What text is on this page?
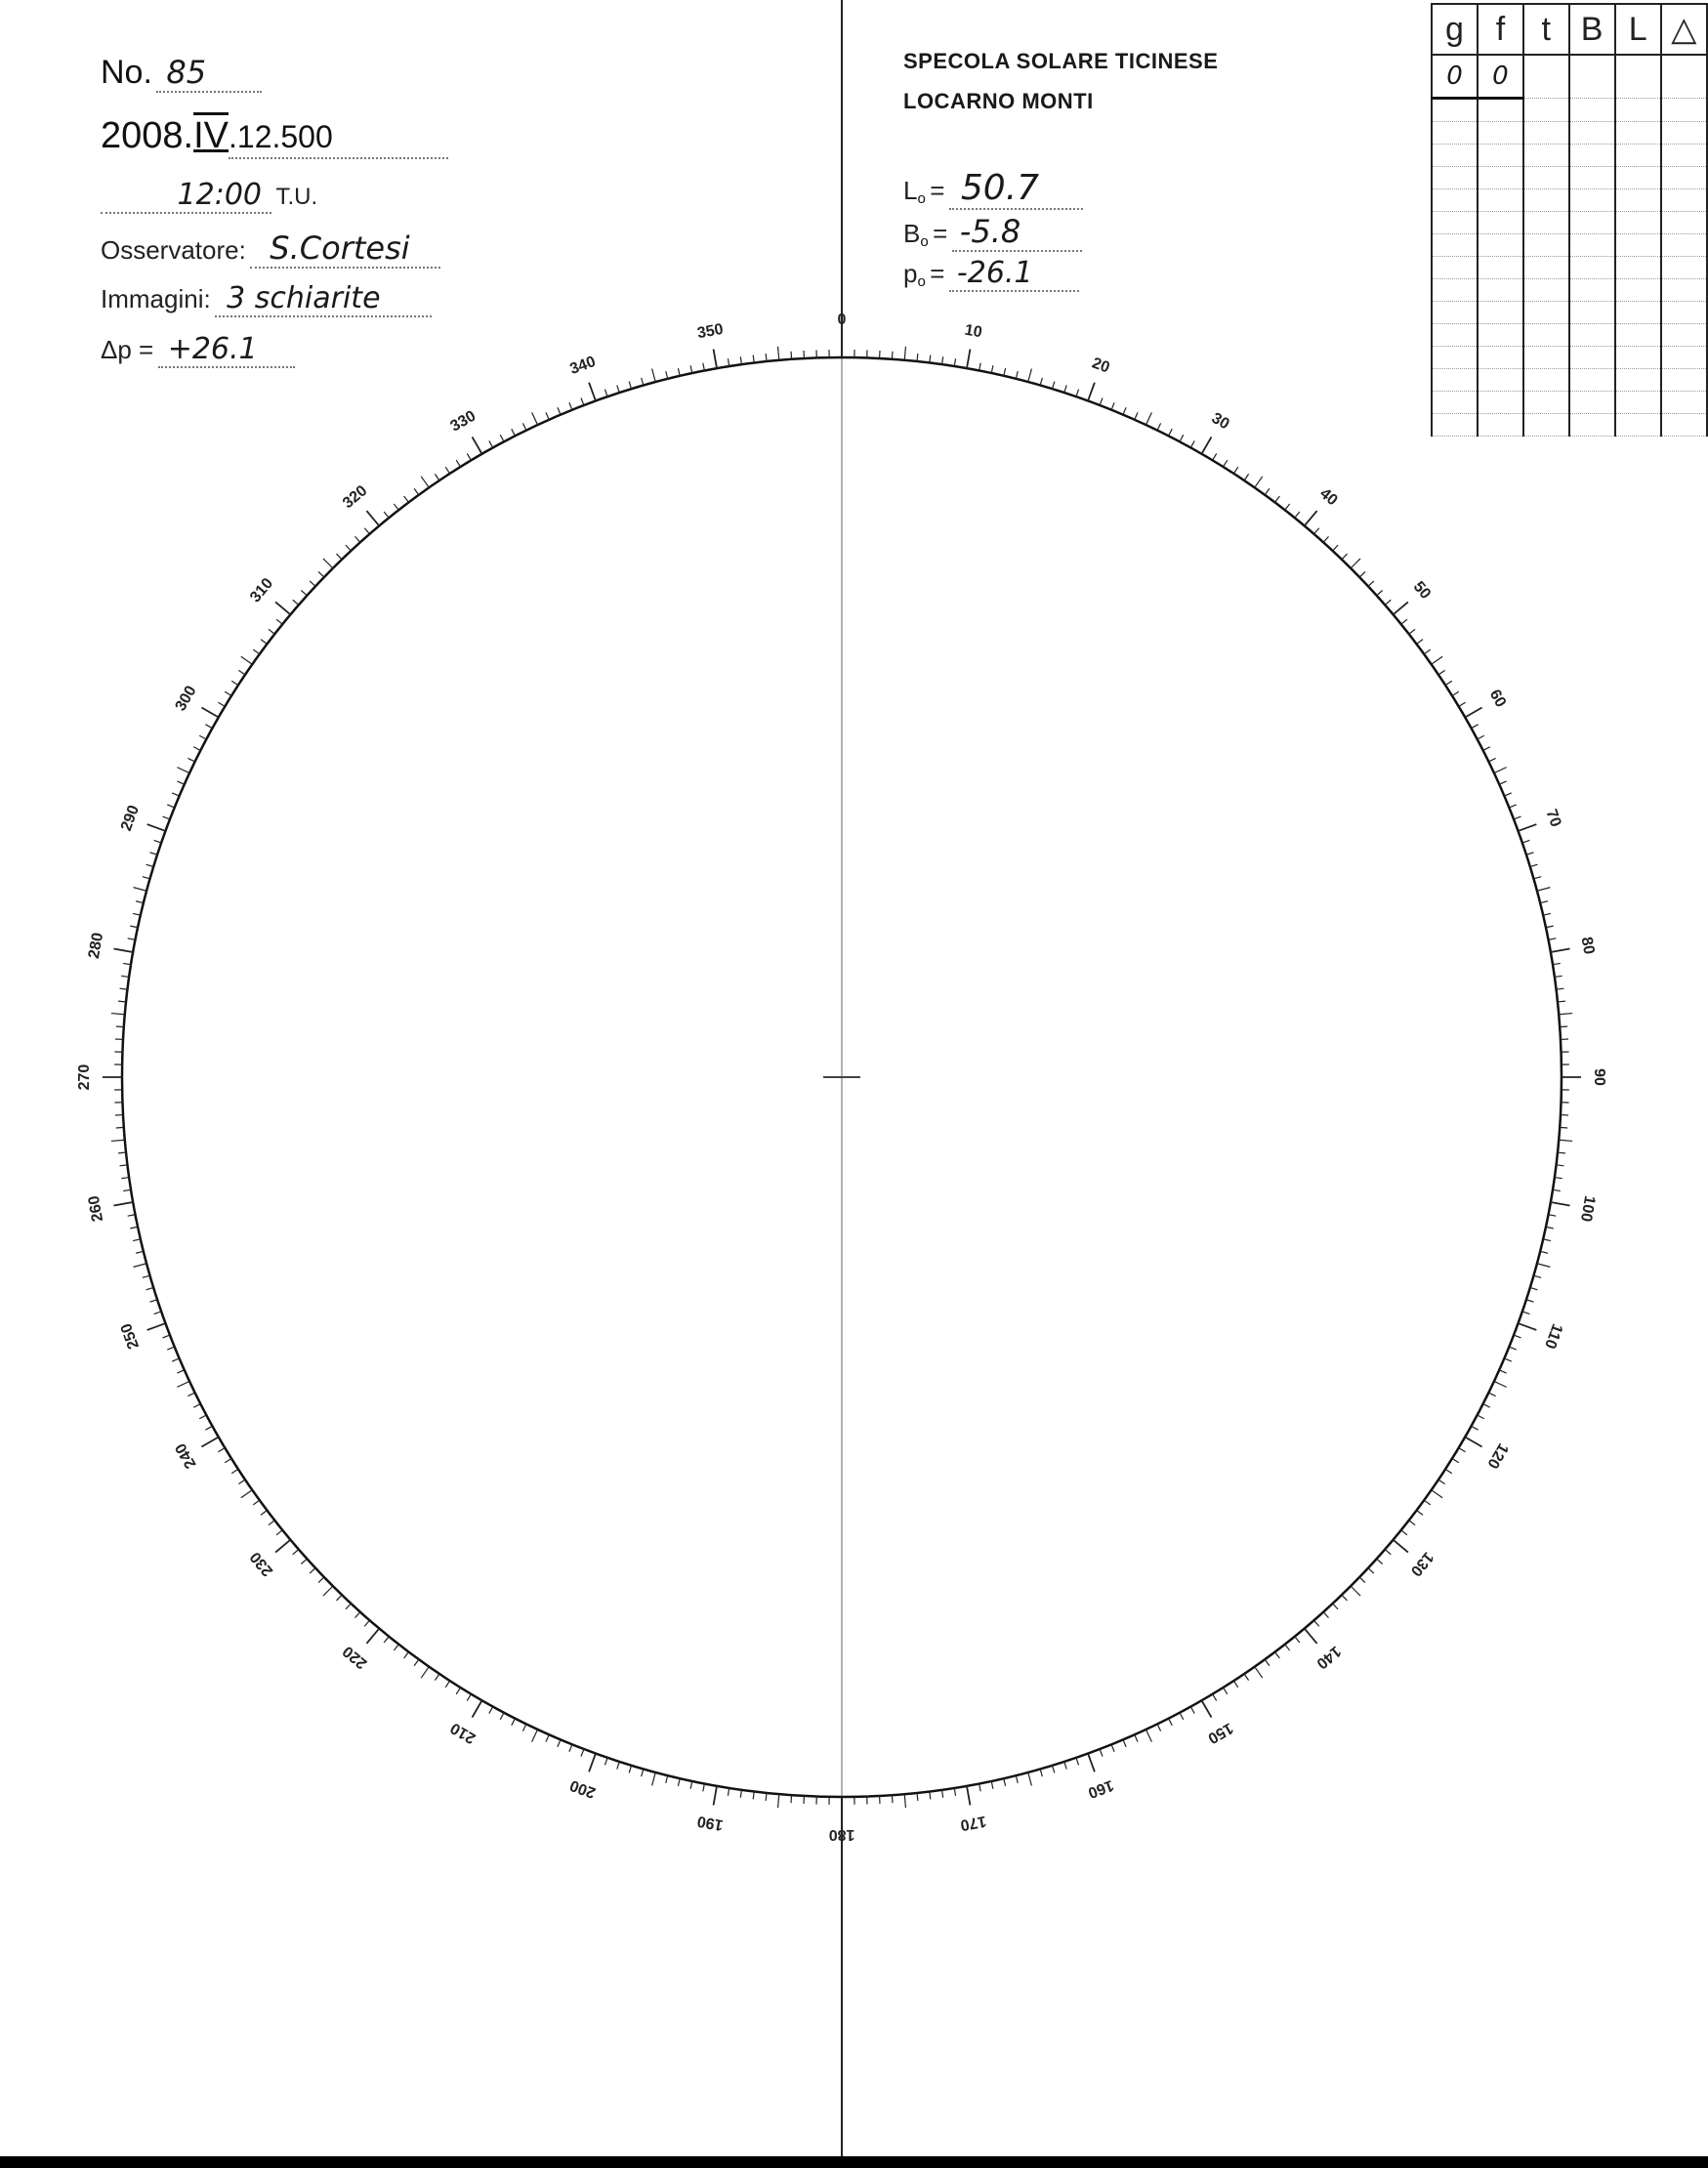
No. 85
2008.IV.12.500
12:00 T.U.
Osservatore: S.Cortesi
Immagini: 3 schiarite
Δp = +26.1
SPECOLA SOLARE TICINESE
LOCARNO MONTI
$L_o = 50.7$
$B_o = -5.8$
$p_o = -26.1$
g	f	t	B	L	△
0	0				

0
10
20
30
40
50
60
70
80
90
100
110
120
130
140
150
160
170
180
190
200
210
220
230
240
250
260
270
280
290
300
310
320
330
340
350
